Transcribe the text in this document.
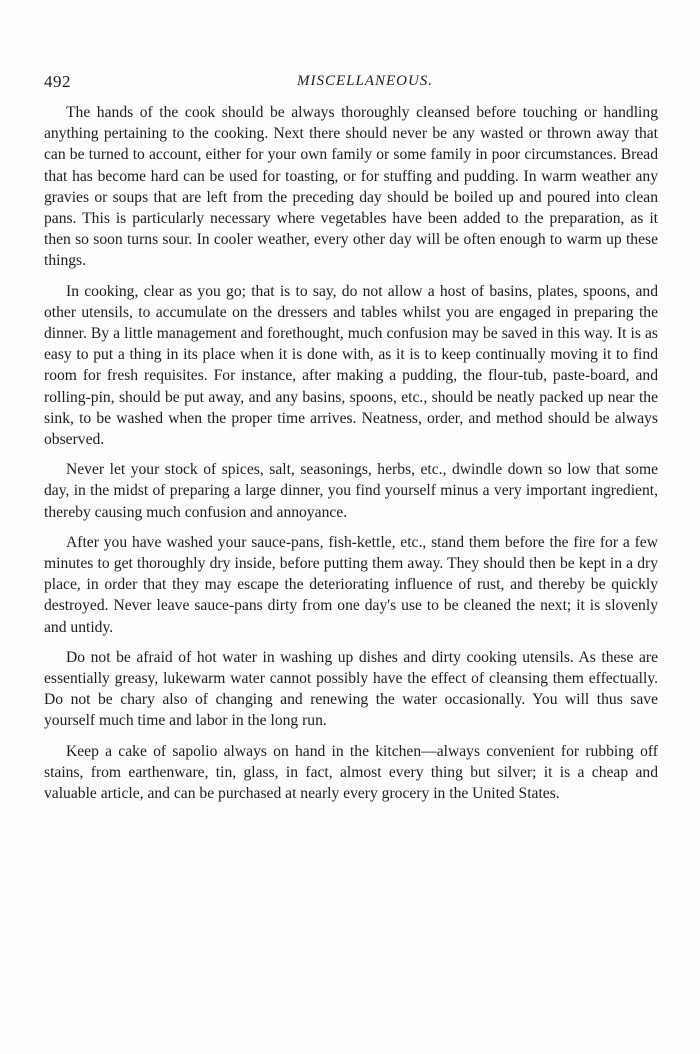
492	MISCELLANEOUS.

The hands of the cook should be always thoroughly cleansed before touching or handling anything pertaining to the cooking. Next there should never be any wasted or thrown away that can be turned to account, either for your own family or some family in poor circumstances. Bread that has become hard can be used for toasting, or for stuffing and pudding. In warm weather any gravies or soups that are left from the preceding day should be boiled up and poured into clean pans. This is particularly necessary where vegetables have been added to the preparation, as it then so soon turns sour. In cooler weather, every other day will be often enough to warm up these things.

In cooking, clear as you go; that is to say, do not allow a host of basins, plates, spoons, and other utensils, to accumulate on the dressers and tables whilst you are engaged in preparing the dinner. By a little management and forethought, much confusion may be saved in this way. It is as easy to put a thing in its place when it is done with, as it is to keep continually moving it to find room for fresh requisites. For instance, after making a pudding, the flour-tub, paste-board, and rolling-pin, should be put away, and any basins, spoons, etc., should be neatly packed up near the sink, to be washed when the proper time arrives. Neatness, order, and method should be always observed.

Never let your stock of spices, salt, seasonings, herbs, etc., dwindle down so low that some day, in the midst of preparing a large dinner, you find yourself minus a very important ingredient, thereby causing much confusion and annoyance.

After you have washed your sauce-pans, fish-kettle, etc., stand them before the fire for a few minutes to get thoroughly dry inside, before putting them away. They should then be kept in a dry place, in order that they may escape the deteriorating influence of rust, and thereby be quickly destroyed. Never leave sauce-pans dirty from one day's use to be cleaned the next; it is slovenly and untidy.

Do not be afraid of hot water in washing up dishes and dirty cooking utensils. As these are essentially greasy, lukewarm water cannot possibly have the effect of cleansing them effectually. Do not be chary also of changing and renewing the water occasionally. You will thus save yourself much time and labor in the long run.

Keep a cake of sapolio always on hand in the kitchen—always convenient for rubbing off stains, from earthenware, tin, glass, in fact, almost every thing but silver; it is a cheap and valuable article, and can be purchased at nearly every grocery in the United States.
